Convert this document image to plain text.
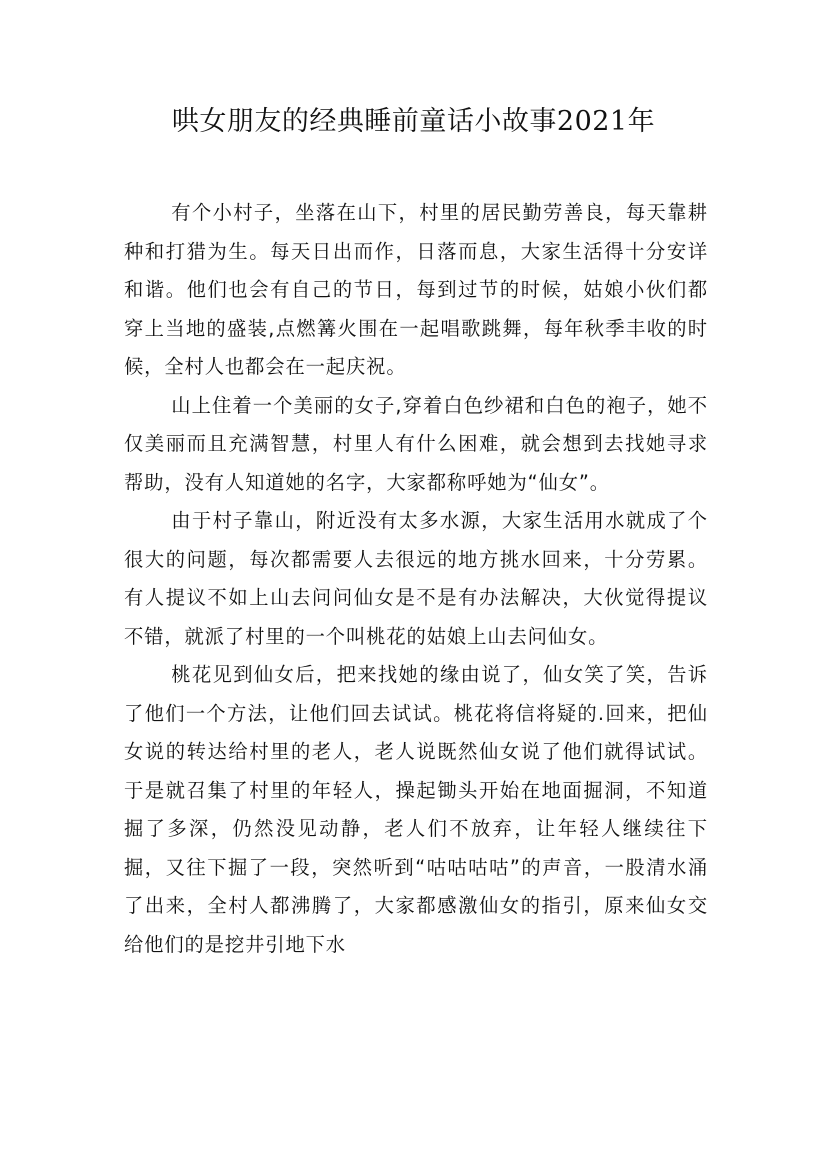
哄女朋友的经典睡前童话小故事2021年

有个小村子，坐落在山下，村里的居民勤劳善良，每天靠耕种和打猎为生。每天日出而作，日落而息，大家生活得十分安详和谐。他们也会有自己的节日，每到过节的时候，姑娘小伙们都穿上当地的盛装,点燃篝火围在一起唱歌跳舞，每年秋季丰收的时候，全村人也都会在一起庆祝。

山上住着一个美丽的女子,穿着白色纱裙和白色的袍子，她不仅美丽而且充满智慧，村里人有什么困难，就会想到去找她寻求帮助，没有人知道她的名字，大家都称呼她为“仙女”。

由于村子靠山，附近没有太多水源，大家生活用水就成了个很大的问题，每次都需要人去很远的地方挑水回来，十分劳累。有人提议不如上山去问问仙女是不是有办法解决，大伙觉得提议不错，就派了村里的一个叫桃花的姑娘上山去问仙女。

桃花见到仙女后，把来找她的缘由说了，仙女笑了笑，告诉了他们一个方法，让他们回去试试。桃花将信将疑的.回来，把仙女说的转达给村里的老人，老人说既然仙女说了他们就得试试。于是就召集了村里的年轻人，操起锄头开始在地面掘洞，不知道掘了多深，仍然没见动静，老人们不放弃，让年轻人继续往下掘，又往下掘了一段，突然听到“咕咕咕咕”的声音，一股清水涌了出来，全村人都沸腾了，大家都感激仙女的指引，原来仙女交给他们的是挖井引地下水
